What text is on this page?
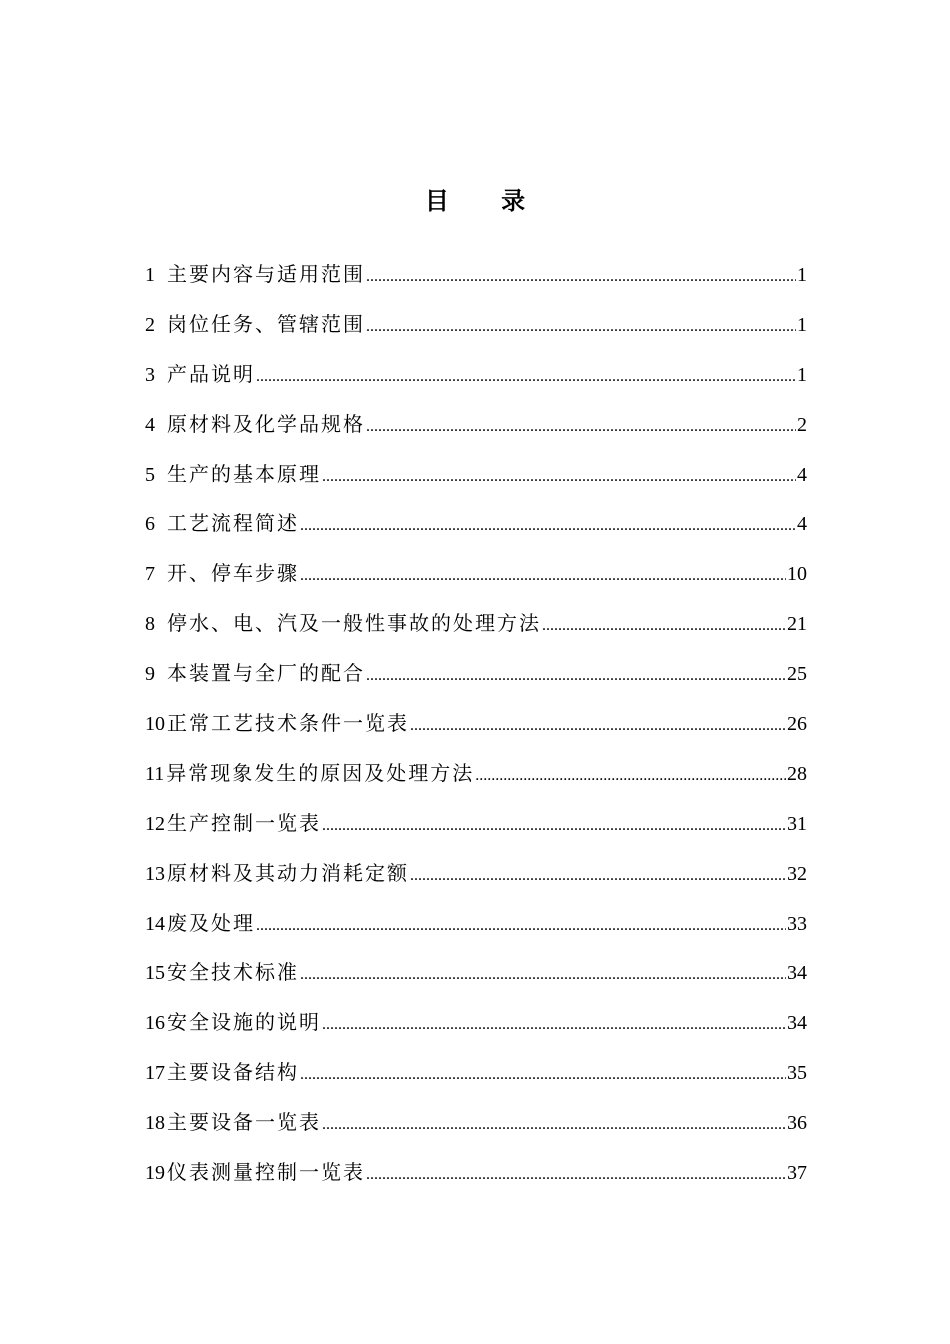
目 录
1 主要内容与适用范围 .....	1
2 岗位任务、管辖范围 .....	1
3 产品说明 .....	1
4 原材料及化学品规格 .....	2
5 生产的基本原理 .....	4
6 工艺流程简述 .....	4
7 开、停车步骤 .....	10
8 停水、电、汽及一般性事故的处理方法 .....	21
9 本装置与全厂的配合 .....	25
10 正常工艺技术条件一览表 .....	26
11 异常现象发生的原因及处理方法 .....	28
12 生产控制一览表 .....	31
13 原材料及其动力消耗定额 .....	32
14 废及处理 .....	33
15 安全技术标准 .....	34
16 安全设施的说明 .....	34
17 主要设备结构 .....	35
18 主要设备一览表 .....	36
19 仪表测量控制一览表 .....	37
